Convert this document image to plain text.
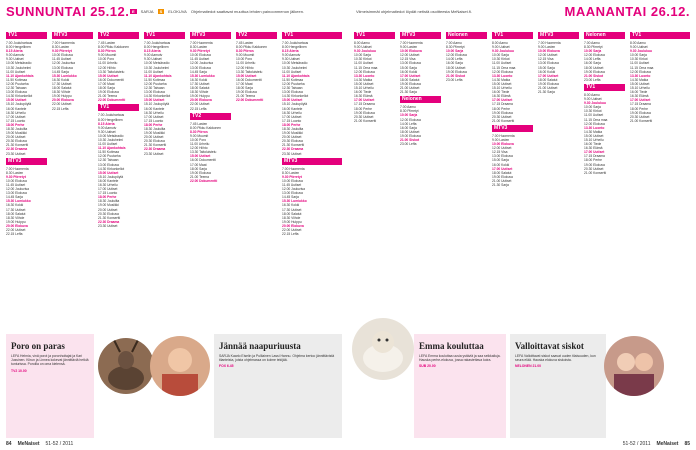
SUNNUNTAI 25.12. E	SARJA	S	ELOKUVA Ohjelmatiedot saattavat muuttua lehden painoonmenon jälkeen.
TV1
7.00 Jouluhartaus
8.00 Hengellinen
8.15 Ateria
9.00 Aamutv
9.30 Uutiset
10.00 Metsäradio
10.30 Jouluhelmi
11.00 Uutiset
11.10 Ajankohtais
11.50 Kotimaa
12.00 Puutarha
12.30 Taivaan
13.00 Elokuva
14.30 Kirkonkellot
15.00 Uutiset
15.10 Joulupöytä
16.00 Kantele
16.30 Urheilu
17.00 Uutiset
17.15 Luonto
18.00 Perhe
18.30 Jouluilta
19.00 Musiikki
20.00 Uutiset
20.30 Elokuva
21.30 Konsertti
22.30 Draama
23.30 Uutiset
MTV3
7.00 Huomenta
8.30 Lasten
9.30 Piirretyt
10.00 Elokuva
11.45 Uutiset
12.00 Jouluvisa
13.00 Elokuva
14.45 Sarja
15.30 Lumiukko
16.30 Kokki
17.30 Uutiset
18.00 Salatut
18.30 Viihde
19.00 Huippu
20.00 Elokuva
22.00 Uutiset
22.15 Leffa
MTV3
7.00 Huomenta
8.30 Lasten
9.30 Piirretyt
10.00 Elokuva
11.45 Uutiset
12.00 Jouluvisa
13.00 Elokuva
14.45 Sarja
15.30 Lumiukko
16.30 Kokki
17.30 Uutiset
18.00 Salatut
18.30 Viihde
19.00 Huippu
20.00 Elokuva
22.00 Uutiset
22.15 Leffa
TV2
7.45 Lasten
8.00 Pikku Kakkonen
8.30 Piirros
9.00 Muumit
10.00 Poro
11.00 Urheilu
12.00 Hiihto
13.30 Taitoluistelu
15.00 Uutiset
16.00 Dokumentti
17.00 Maat
18.00 Sarja
19.00 Elokuva
21.00 Teema
22.00 Dokumentti
TV1
7.00 Jouluhartaus
8.00 Hengellinen
8.15 Ateria
9.00 Aamutv
9.30 Uutiset
10.00 Metsäradio
10.30 Jouluhelmi
11.00 Uutiset
11.10 Ajankohtais
11.50 Kotimaa
12.00 Puutarha
12.30 Taivaan
13.00 Elokuva
14.30 Kirkonkellot
15.00 Uutiset
15.10 Joulupöytä
16.00 Kantele
16.30 Urheilu
17.00 Uutiset
17.15 Luonto
18.00 Perhe
18.30 Jouluilta
19.00 Musiikki
20.00 Uutiset
20.30 Elokuva
21.30 Konsertti
22.30 Draama
23.30 Uutiset
TV1
7.00 Jouluhartaus
8.00 Hengellinen
8.15 Ateria
9.00 Aamutv
9.30 Uutiset
10.00 Metsäradio
10.30 Jouluhelmi
11.00 Uutiset
11.10 Ajankohtais
11.50 Kotimaa
12.00 Puutarha
12.30 Taivaan
13.00 Elokuva
14.30 Kirkonkellot
15.00 Uutiset
15.10 Joulupöytä
16.00 Kantele
16.30 Urheilu
17.00 Uutiset
17.15 Luonto
18.00 Perhe
18.30 Jouluilta
19.00 Musiikki
20.00 Uutiset
20.30 Elokuva
21.30 Konsertti
22.30 Draama
23.30 Uutiset
MTV3
7.00 Huomenta
8.30 Lasten
9.30 Piirretyt
10.00 Elokuva
11.45 Uutiset
12.00 Jouluvisa
13.00 Elokuva
14.45 Sarja
15.30 Lumiukko
16.30 Kokki
17.30 Uutiset
18.00 Salatut
18.30 Viihde
19.00 Huippu
20.00 Elokuva
22.00 Uutiset
22.15 Leffa
TV2
7.45 Lasten
8.00 Pikku Kakkonen
8.30 Piirros
9.00 Muumit
10.00 Poro
11.00 Urheilu
12.00 Hiihto
13.30 Taitoluistelu
15.00 Uutiset
16.00 Dokumentti
17.00 Maat
18.00 Sarja
19.00 Elokuva
21.00 Teema
22.00 Dokumentti
TV2
7.45 Lasten
8.00 Pikku Kakkonen
8.30 Piirros
9.00 Muumit
10.00 Poro
11.00 Urheilu
12.00 Hiihto
13.30 Taitoluistelu
15.00 Uutiset
16.00 Dokumentti
17.00 Maat
18.00 Sarja
19.00 Elokuva
21.00 Teema
22.00 Dokumentti
TV1
7.00 Jouluhartaus
8.00 Hengellinen
8.15 Ateria
9.00 Aamutv
9.30 Uutiset
10.00 Metsäradio
10.30 Jouluhelmi
11.00 Uutiset
11.10 Ajankohtais
11.50 Kotimaa
12.00 Puutarha
12.30 Taivaan
13.00 Elokuva
14.30 Kirkonkellot
15.00 Uutiset
15.10 Joulupöytä
16.00 Kantele
16.30 Urheilu
17.00 Uutiset
17.15 Luonto
18.00 Perhe
18.30 Jouluilta
19.00 Musiikki
20.00 Uutiset
20.30 Elokuva
21.30 Konsertti
22.30 Draama
23.30 Uutiset
MTV3
7.00 Huomenta
8.30 Lasten
9.30 Piirretyt
10.00 Elokuva
11.45 Uutiset
12.00 Jouluvisa
13.00 Elokuva
14.45 Sarja
15.30 Lumiukko
16.30 Kokki
17.30 Uutiset
18.00 Salatut
18.30 Viihde
19.00 Huippu
20.00 Elokuva
22.00 Uutiset
22.15 Leffa
Poro on paras
LEFA Helmia, vinä porot ja poronhoitajat ja Kari Jussinen. Kiirun ja Linnea kokevat jännittäviä hetkiä tunturissa. Poroilla on oma kielensä.
TV2 10.00
Jännää naapuriuusta
SARJA Kaarlo Eiselin ja Pulliainen Lassi Hannu. Ohjelma kertoo jännittävistä tilanteista, joista ohjelmassa on kolme tekijää.
FOX 6.45
84 MeNaiset 51-52 / 2011
MAANANTAI 26.12.
Viimeisimmät ohjelmatiedot löydät netistä osoitteesta MeNaiset.fi.
TV1
8.00 Aamu
9.00 Uutiset
9.30 Joulukuu
10.00 Sarja
10.30 Kirkot
11.00 Uutiset
11.15 Oma maa
12.00 Elokuva
13.30 Luonto
14.30 Matka
15.00 Uutiset
15.10 Urheilu
16.00 Tiede
16.30 Elämä
17.00 Uutiset
17.15 Draama
18.00 Perhe
19.00 Elokuva
20.30 Uutiset
21.00 Konsertti
MTV3
7.00 Huomenta
9.00 Lasten
10.00 Elokuva
12.00 Uutiset
12.15 Visa
13.00 Elokuva
15.00 Sarja
16.00 Kokki
17.00 Uutiset
18.00 Salatut
19.00 Elokuva
21.00 Uutiset
21.30 Sarja
Nelonen
7.00 Aamu
8.30 Piirretyt
10.00 Sarja
12.00 Elokuva
14.00 Leffa
16.00 Sarja
18.00 Uutiset
19.00 Elokuva
21.00 Siskot
23.00 Leffa
Nelonen
7.00 Aamu
8.30 Piirretyt
10.00 Sarja
12.00 Elokuva
14.00 Leffa
16.00 Sarja
18.00 Uutiset
19.00 Elokuva
21.00 Siskot
23.00 Leffa
TV1
8.00 Aamu
9.00 Uutiset
9.30 Joulukuu
10.00 Sarja
10.30 Kirkot
11.00 Uutiset
11.15 Oma maa
12.00 Elokuva
13.30 Luonto
14.30 Matka
15.00 Uutiset
15.10 Urheilu
16.00 Tiede
16.30 Elämä
17.00 Uutiset
17.15 Draama
18.00 Perhe
19.00 Elokuva
20.30 Uutiset
21.00 Konsertti
MTV3
7.00 Huomenta
9.00 Lasten
10.00 Elokuva
12.00 Uutiset
12.15 Visa
13.00 Elokuva
15.00 Sarja
16.00 Kokki
17.00 Uutiset
18.00 Salatut
19.00 Elokuva
21.00 Uutiset
21.30 Sarja
MTV3
7.00 Huomenta
9.00 Lasten
10.00 Elokuva
12.00 Uutiset
12.15 Visa
13.00 Elokuva
15.00 Sarja
16.00 Kokki
17.00 Uutiset
18.00 Salatut
19.00 Elokuva
21.00 Uutiset
21.30 Sarja
Nelonen
7.00 Aamu
8.30 Piirretyt
10.00 Sarja
12.00 Elokuva
14.00 Leffa
16.00 Sarja
18.00 Uutiset
19.00 Elokuva
21.00 Siskot
23.00 Leffa
TV1
8.00 Aamu
9.00 Uutiset
9.30 Joulukuu
10.00 Sarja
10.30 Kirkot
11.00 Uutiset
11.15 Oma maa
12.00 Elokuva
13.30 Luonto
14.30 Matka
15.00 Uutiset
15.10 Urheilu
16.00 Tiede
16.30 Elämä
17.00 Uutiset
17.15 Draama
18.00 Perhe
19.00 Elokuva
20.30 Uutiset
21.00 Konsertti
TV1
8.00 Aamu
9.00 Uutiset
9.30 Joulukuu
10.00 Sarja
10.30 Kirkot
11.00 Uutiset
11.15 Oma maa
12.00 Elokuva
13.30 Luonto
14.30 Matka
15.00 Uutiset
15.10 Urheilu
16.00 Tiede
16.30 Elämä
17.00 Uutiset
17.15 Draama
18.00 Perhe
19.00 Elokuva
20.30 Uutiset
21.00 Konsertti
Emma kouluttaa
LEFA Emma kouluttaa uusia ystäviä ja saa seikkailuja. Hauska perhe-elokuva, jossa rakastettava koira.
SUB 20.00
Valloittavat siskot
LEFA Valloittavat siskot saavat uuden tilaisuuden, kun seura elää. Hauska elokuva siskoista.
NELONEN 21.00
51-52 / 2011 MeNaiset 85
